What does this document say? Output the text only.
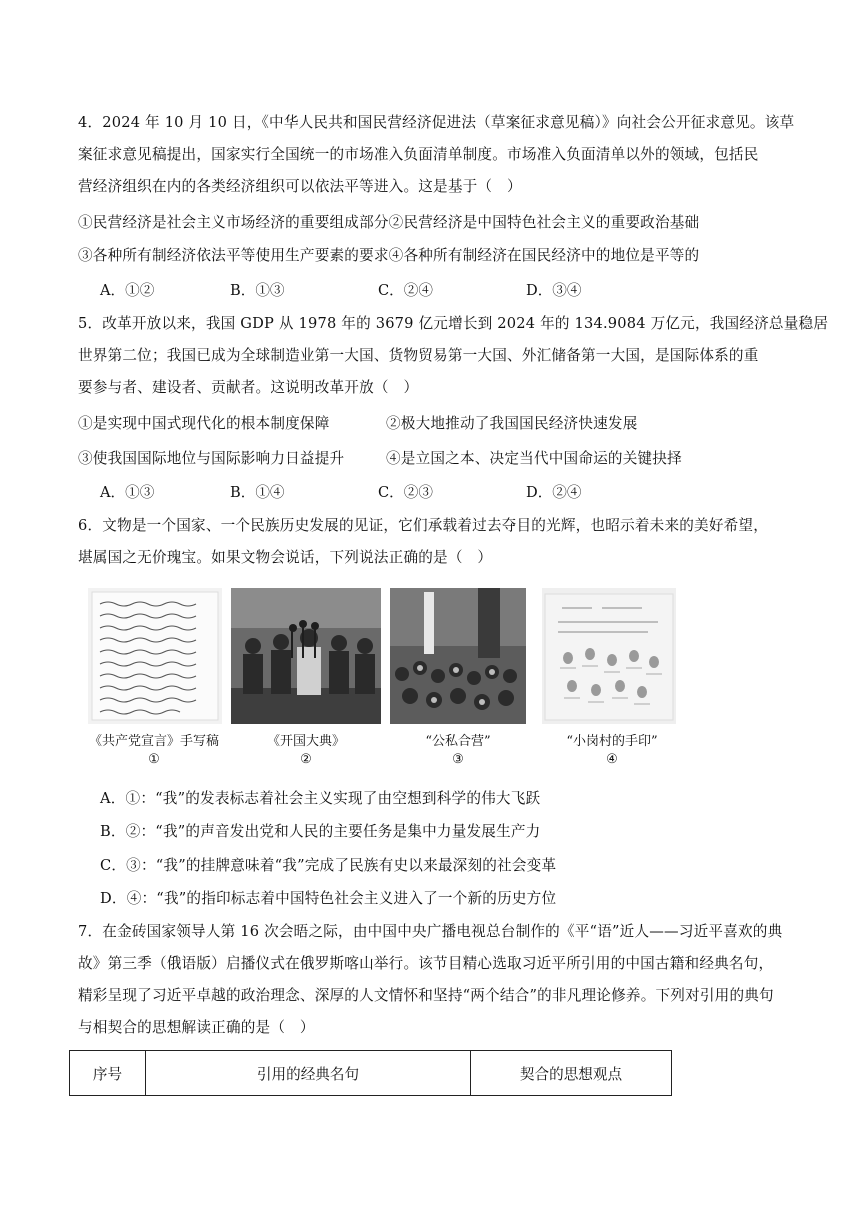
4．2024 年 10 月 10 日，《中华人民共和国民营经济促进法（草案征求意见稿）》向社会公开征求意见。该草
案征求意见稿提出，国家实行全国统一的市场准入负面清单制度。市场准入负面清单以外的领域，包括民
营经济组织在内的各类经济组织可以依法平等进入。这是基于（　）
①民营经济是社会主义市场经济的重要组成部分②民营经济是中国特色社会主义的重要政治基础
③各种所有制经济依法平等使用生产要素的要求④各种所有制经济在国民经济中的地位是平等的
A．①②	B．①③	C．②④	D．③④
5．改革开放以来，我国 GDP 从 1978 年的 3679 亿元增长到 2024 年的 134.9084 万亿元，我国经济总量稳居
世界第二位；我国已成为全球制造业第一大国、货物贸易第一大国、外汇储备第一大国，是国际体系的重
要参与者、建设者、贡献者。这说明改革开放（　）
①是实现中国式现代化的根本制度保障	②极大地推动了我国国民经济快速发展
③使我国国际地位与国际影响力日益提升	④是立国之本、决定当代中国命运的关键抉择
A．①③	B．①④	C．②③	D．②④
6．文物是一个国家、一个民族历史发展的见证，它们承载着过去夺目的光辉，也昭示着未来的美好希望，
堪属国之无价瑰宝。如果文物会说话，下列说法正确的是（　）
《共产党宣言》手写稿
①
《开国大典》
②
“公私合营”
③
“小岗村的手印”
④
A．①：“我”的发表标志着社会主义实现了由空想到科学的伟大飞跃
B．②：“我”的声音发出党和人民的主要任务是集中力量发展生产力
C．③：“我”的挂牌意味着“我”完成了民族有史以来最深刻的社会变革
D．④：“我”的指印标志着中国特色社会主义进入了一个新的历史方位
7．在金砖国家领导人第 16 次会晤之际，由中国中央广播电视总台制作的《平“语”近人——习近平喜欢的典
故》第三季（俄语版）启播仪式在俄罗斯喀山举行。该节目精心选取习近平所引用的中国古籍和经典名句，
精彩呈现了习近平卓越的政治理念、深厚的人文情怀和坚持“两个结合”的非凡理论修养。下列对引用的典句
与相契合的思想解读正确的是（　）
序号	引用的经典名句	契合的思想观点
